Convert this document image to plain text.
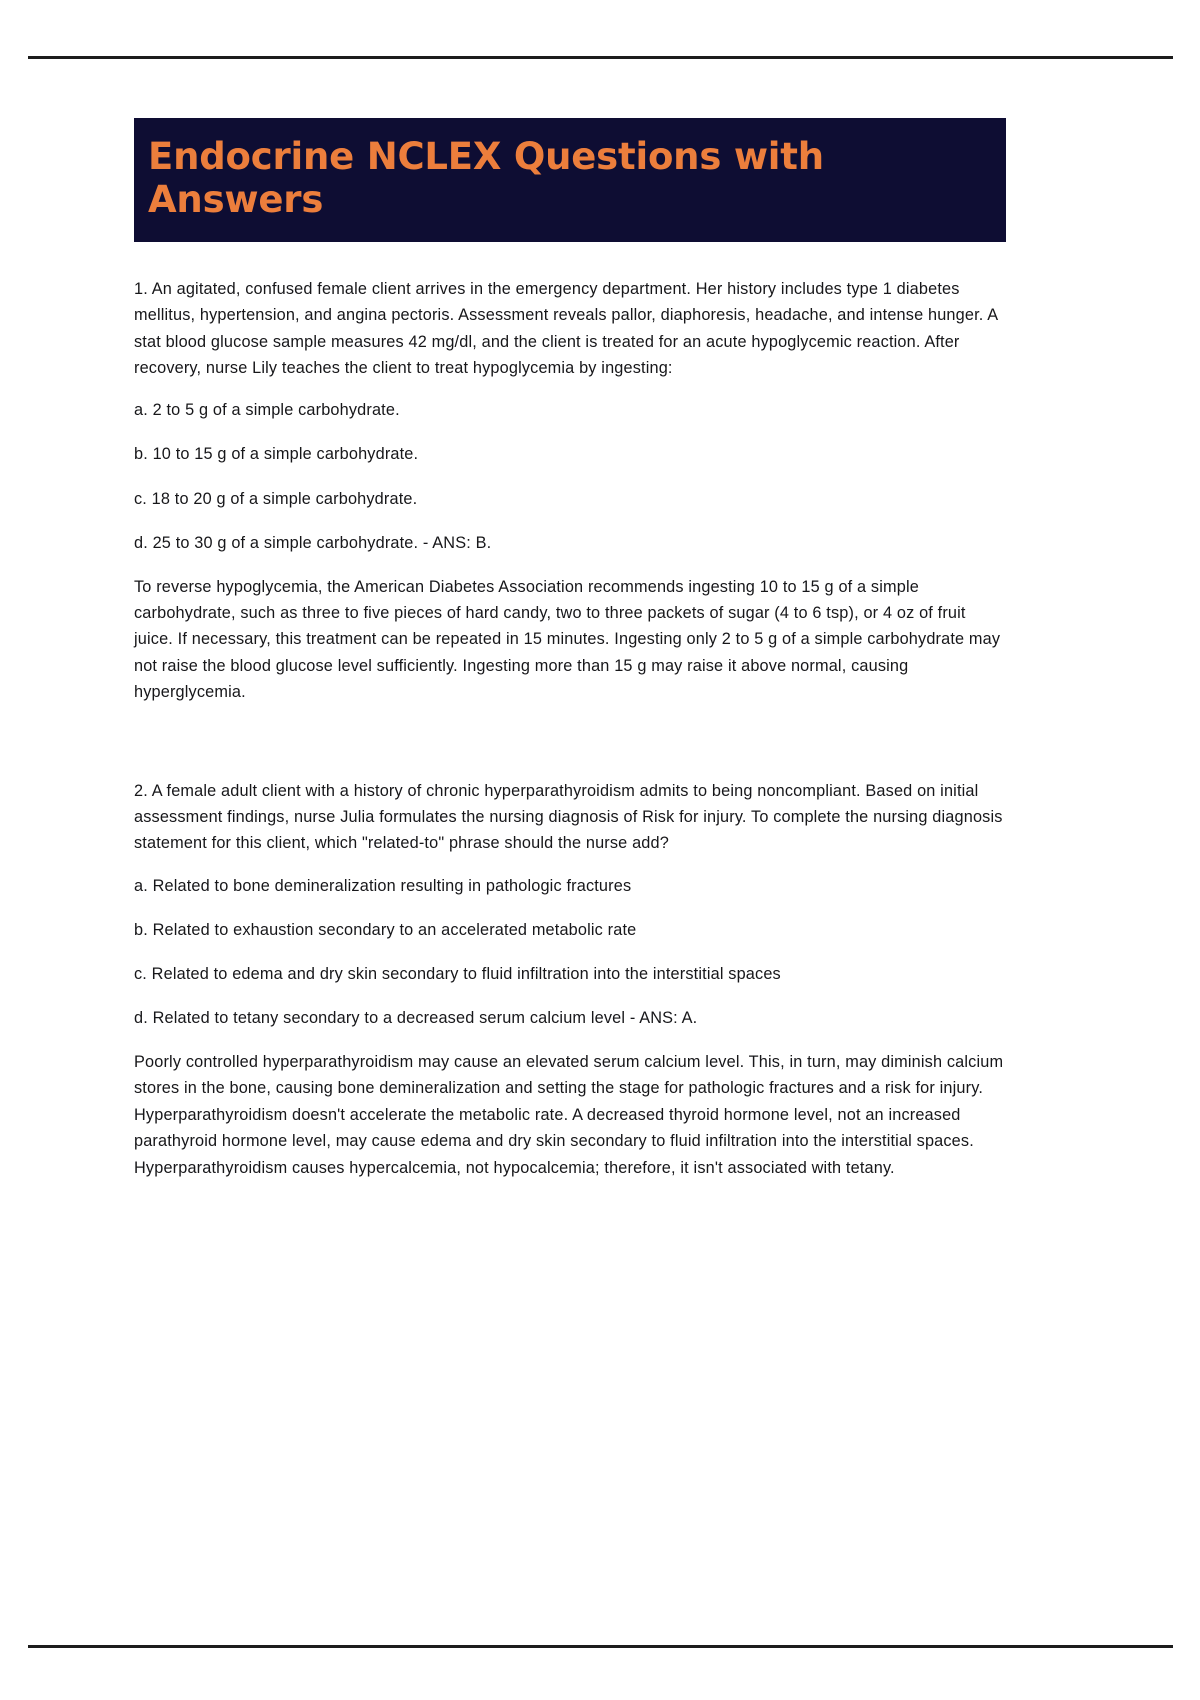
Endocrine NCLEX Questions with Answers

1. An agitated, confused female client arrives in the emergency department. Her history includes type 1 diabetes mellitus, hypertension, and angina pectoris. Assessment reveals pallor, diaphoresis, headache, and intense hunger. A stat blood glucose sample measures 42 mg/dl, and the client is treated for an acute hypoglycemic reaction. After recovery, nurse Lily teaches the client to treat hypoglycemia by ingesting:

a. 2 to 5 g of a simple carbohydrate.

b. 10 to 15 g of a simple carbohydrate.

c. 18 to 20 g of a simple carbohydrate.

d. 25 to 30 g of a simple carbohydrate. - ANS: B.

To reverse hypoglycemia, the American Diabetes Association recommends ingesting 10 to 15 g of a simple carbohydrate, such as three to five pieces of hard candy, two to three packets of sugar (4 to 6 tsp), or 4 oz of fruit juice. If necessary, this treatment can be repeated in 15 minutes. Ingesting only 2 to 5 g of a simple carbohydrate may not raise the blood glucose level sufficiently. Ingesting more than 15 g may raise it above normal, causing hyperglycemia.

2. A female adult client with a history of chronic hyperparathyroidism admits to being noncompliant. Based on initial assessment findings, nurse Julia formulates the nursing diagnosis of Risk for injury. To complete the nursing diagnosis statement for this client, which "related-to" phrase should the nurse add?

a. Related to bone demineralization resulting in pathologic fractures

b. Related to exhaustion secondary to an accelerated metabolic rate

c. Related to edema and dry skin secondary to fluid infiltration into the interstitial spaces

d. Related to tetany secondary to a decreased serum calcium level - ANS: A.

Poorly controlled hyperparathyroidism may cause an elevated serum calcium level. This, in turn, may diminish calcium stores in the bone, causing bone demineralization and setting the stage for pathologic fractures and a risk for injury. Hyperparathyroidism doesn't accelerate the metabolic rate. A decreased thyroid hormone level, not an increased parathyroid hormone level, may cause edema and dry skin secondary to fluid infiltration into the interstitial spaces. Hyperparathyroidism causes hypercalcemia, not hypocalcemia; therefore, it isn't associated with tetany.
